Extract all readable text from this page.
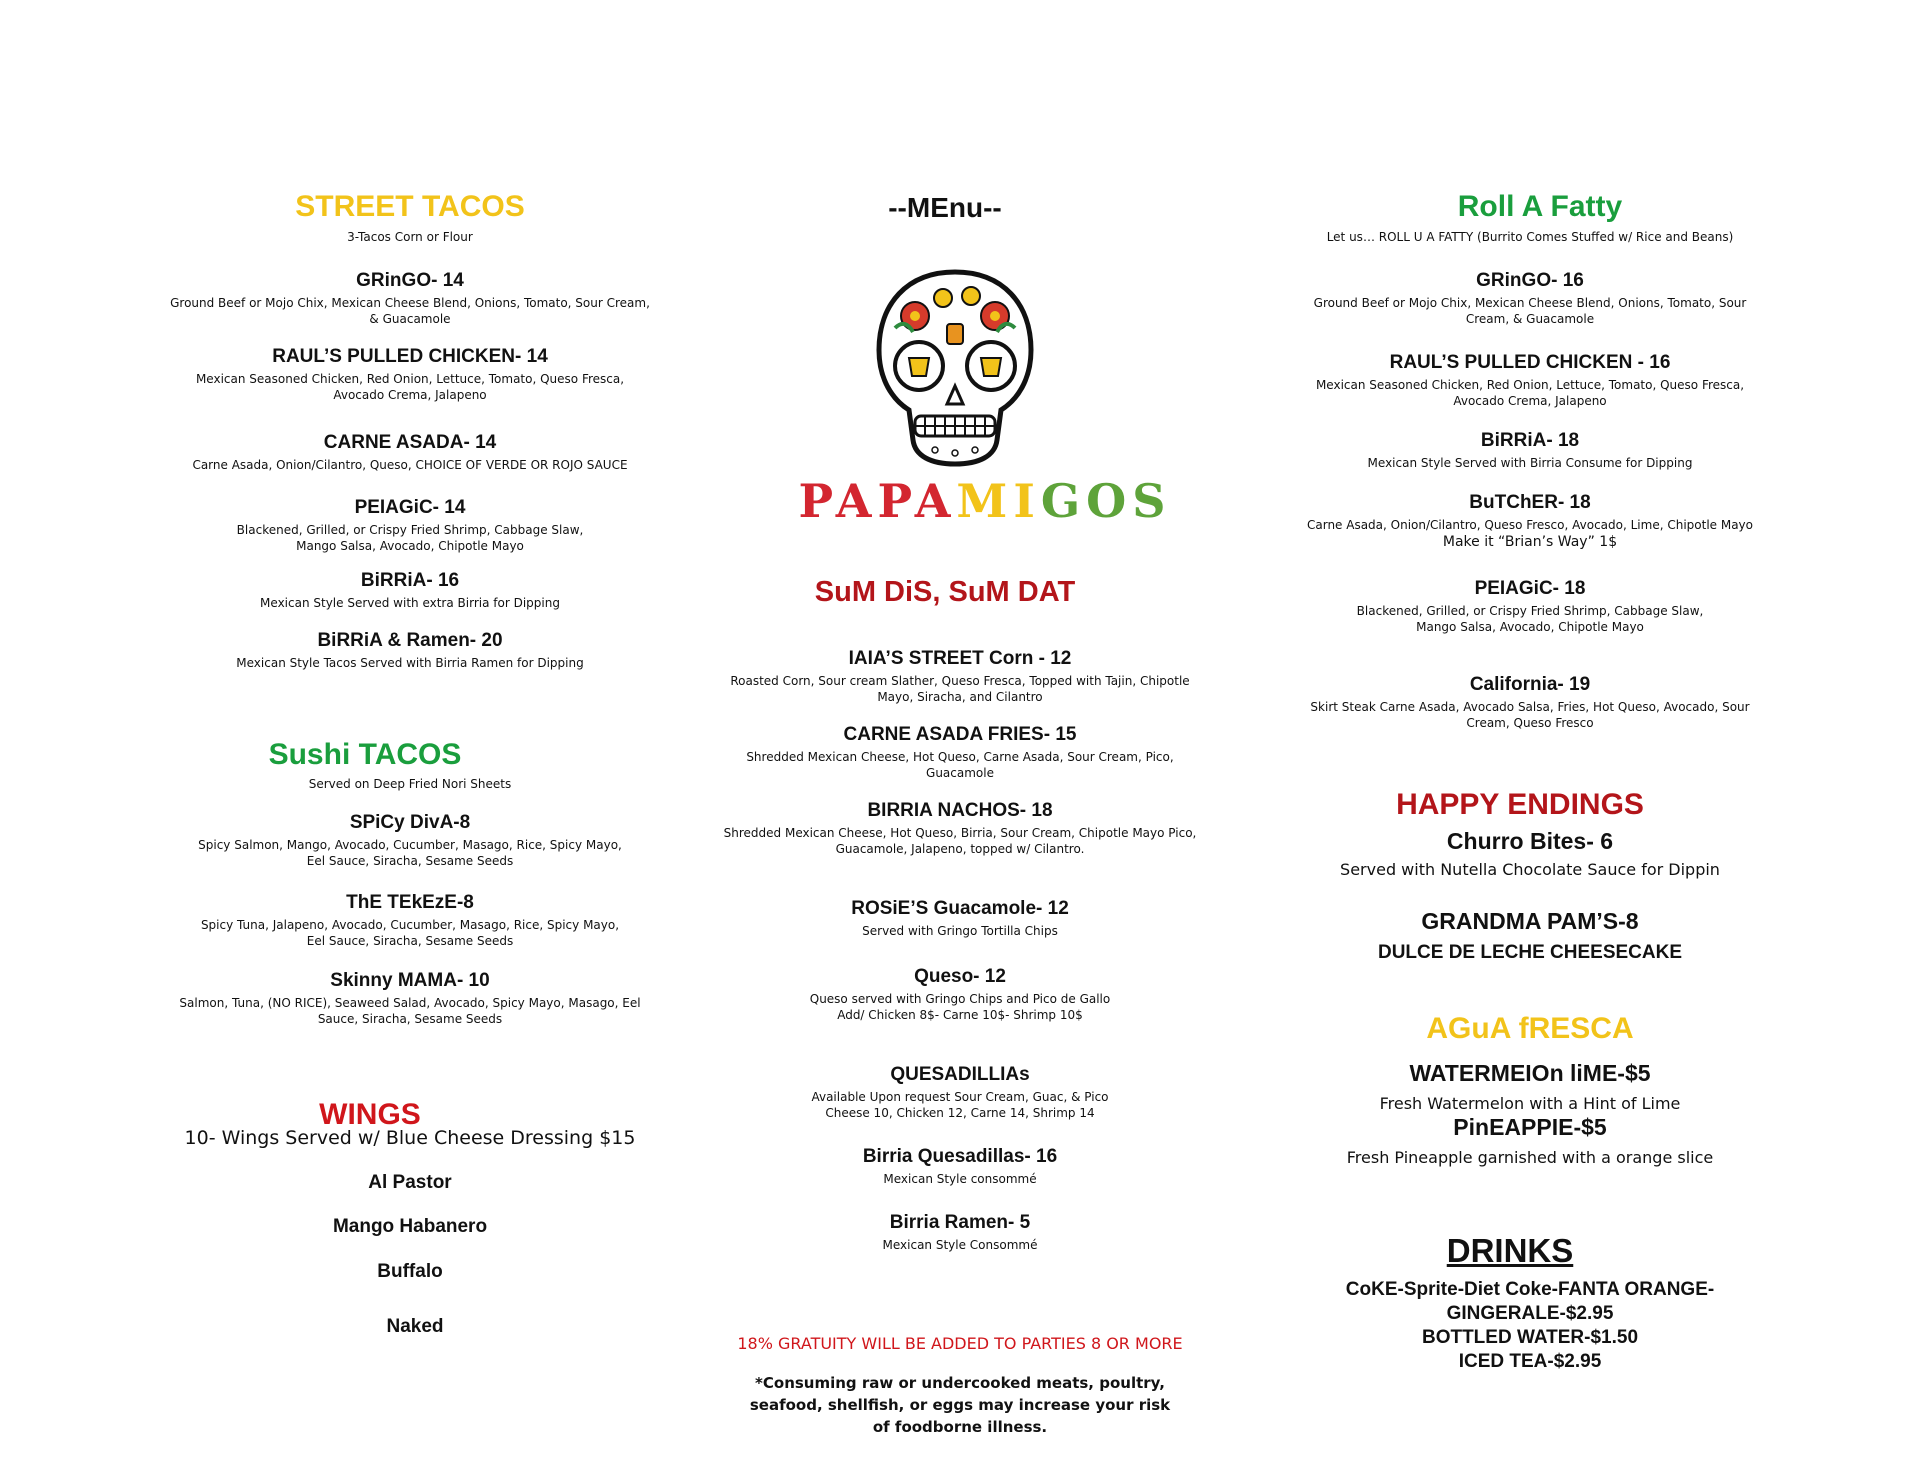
STREET TACOS
3-Tacos Corn or Flour
GRinGO- 14
Ground Beef or Mojo Chix, Mexican Cheese Blend, Onions, Tomato, Sour Cream, & Guacamole
RAUL’S PULLED CHICKEN- 14
Mexican Seasoned Chicken, Red Onion, Lettuce, Tomato, Queso Fresca, Avocado Crema, Jalapeno
CARNE ASADA- 14
Carne Asada, Onion/Cilantro, Queso, CHOICE OF VERDE OR ROJO SAUCE
PEIAGiC- 14
Blackened, Grilled, or Crispy Fried Shrimp, Cabbage Slaw, Mango Salsa, Avocado, Chipotle Mayo
BiRRiA- 16
Mexican Style Served with extra Birria for Dipping
BiRRiA & Ramen- 20
Mexican Style Tacos Served with Birria Ramen for Dipping
Sushi TACOS
Served on Deep Fried Nori Sheets
SPiCy DivA-8
Spicy Salmon, Mango, Avocado, Cucumber, Masago, Rice, Spicy Mayo, Eel Sauce, Siracha, Sesame Seeds
ThE TEkEzE-8
Spicy Tuna, Jalapeno, Avocado, Cucumber, Masago, Rice, Spicy Mayo, Eel Sauce, Siracha, Sesame Seeds
Skinny MAMA- 10
Salmon, Tuna, (NO RICE), Seaweed Salad, Avocado, Spicy Mayo, Masago, Eel Sauce, Siracha, Sesame Seeds
WINGS
10- Wings Served w/ Blue Cheese Dressing $15
Al Pastor
Mango Habanero
Buffalo
Naked
--MEnu--
PAPAMIGOS
SuM DiS, SuM DAT
IAIA’S STREET Corn - 12
Roasted Corn, Sour cream Slather, Queso Fresca, Topped with Tajin, Chipotle Mayo, Siracha, and Cilantro
CARNE ASADA FRIES- 15
Shredded Mexican Cheese, Hot Queso, Carne Asada, Sour Cream, Pico, Guacamole
BIRRIA NACHOS- 18
Shredded Mexican Cheese, Hot Queso, Birria, Sour Cream, Chipotle Mayo Pico, Guacamole, Jalapeno, topped w/ Cilantro.
ROSiE’S Guacamole- 12
Served with Gringo Tortilla Chips
Queso- 12
Queso served with Gringo Chips and Pico de Gallo
Add/ Chicken 8$- Carne 10$- Shrimp 10$
QUESADILLIAs
Available Upon request Sour Cream, Guac, & Pico Cheese 10, Chicken 12, Carne 14, Shrimp 14
Birria Quesadillas- 16
Mexican Style consommé
Birria Ramen- 5
Mexican Style Consommé
18% GRATUITY WILL BE ADDED TO PARTIES 8 OR MORE
*Consuming raw or undercooked meats, poultry, seafood, shellfish, or eggs may increase your risk of foodborne illness.
Roll A Fatty
Let us… ROLL U A FATTY (Burrito Comes Stuffed w/ Rice and Beans)
GRinGO- 16
Ground Beef or Mojo Chix, Mexican Cheese Blend, Onions, Tomato, Sour Cream, & Guacamole
RAUL’S PULLED CHICKEN - 16
Mexican Seasoned Chicken, Red Onion, Lettuce, Tomato, Queso Fresca, Avocado Crema, Jalapeno
BiRRiA- 18
Mexican Style Served with Birria Consume for Dipping
BuTChER- 18
Carne Asada, Onion/Cilantro, Queso Fresco, Avocado, Lime, Chipotle Mayo
Make it “Brian’s Way” 1$
PEIAGiC- 18
Blackened, Grilled, or Crispy Fried Shrimp, Cabbage Slaw, Mango Salsa, Avocado, Chipotle Mayo
California- 19
Skirt Steak Carne Asada, Avocado Salsa, Fries, Hot Queso, Avocado, Sour Cream, Queso Fresco
HAPPY ENDINGS
Churro Bites- 6
Served with Nutella Chocolate Sauce for Dippin
GRANDMA PAM’S-8
DULCE DE LECHE CHEESECAKE
AGuA fRESCA
WATERMEIOn liME-$5
Fresh Watermelon with a Hint of Lime
PinEAPPIE-$5
Fresh Pineapple garnished with a orange slice
DRINKS
CoKE-Sprite-Diet Coke-FANTA ORANGE-
GINGERALE-$2.95
BOTTLED WATER-$1.50
ICED TEA-$2.95
